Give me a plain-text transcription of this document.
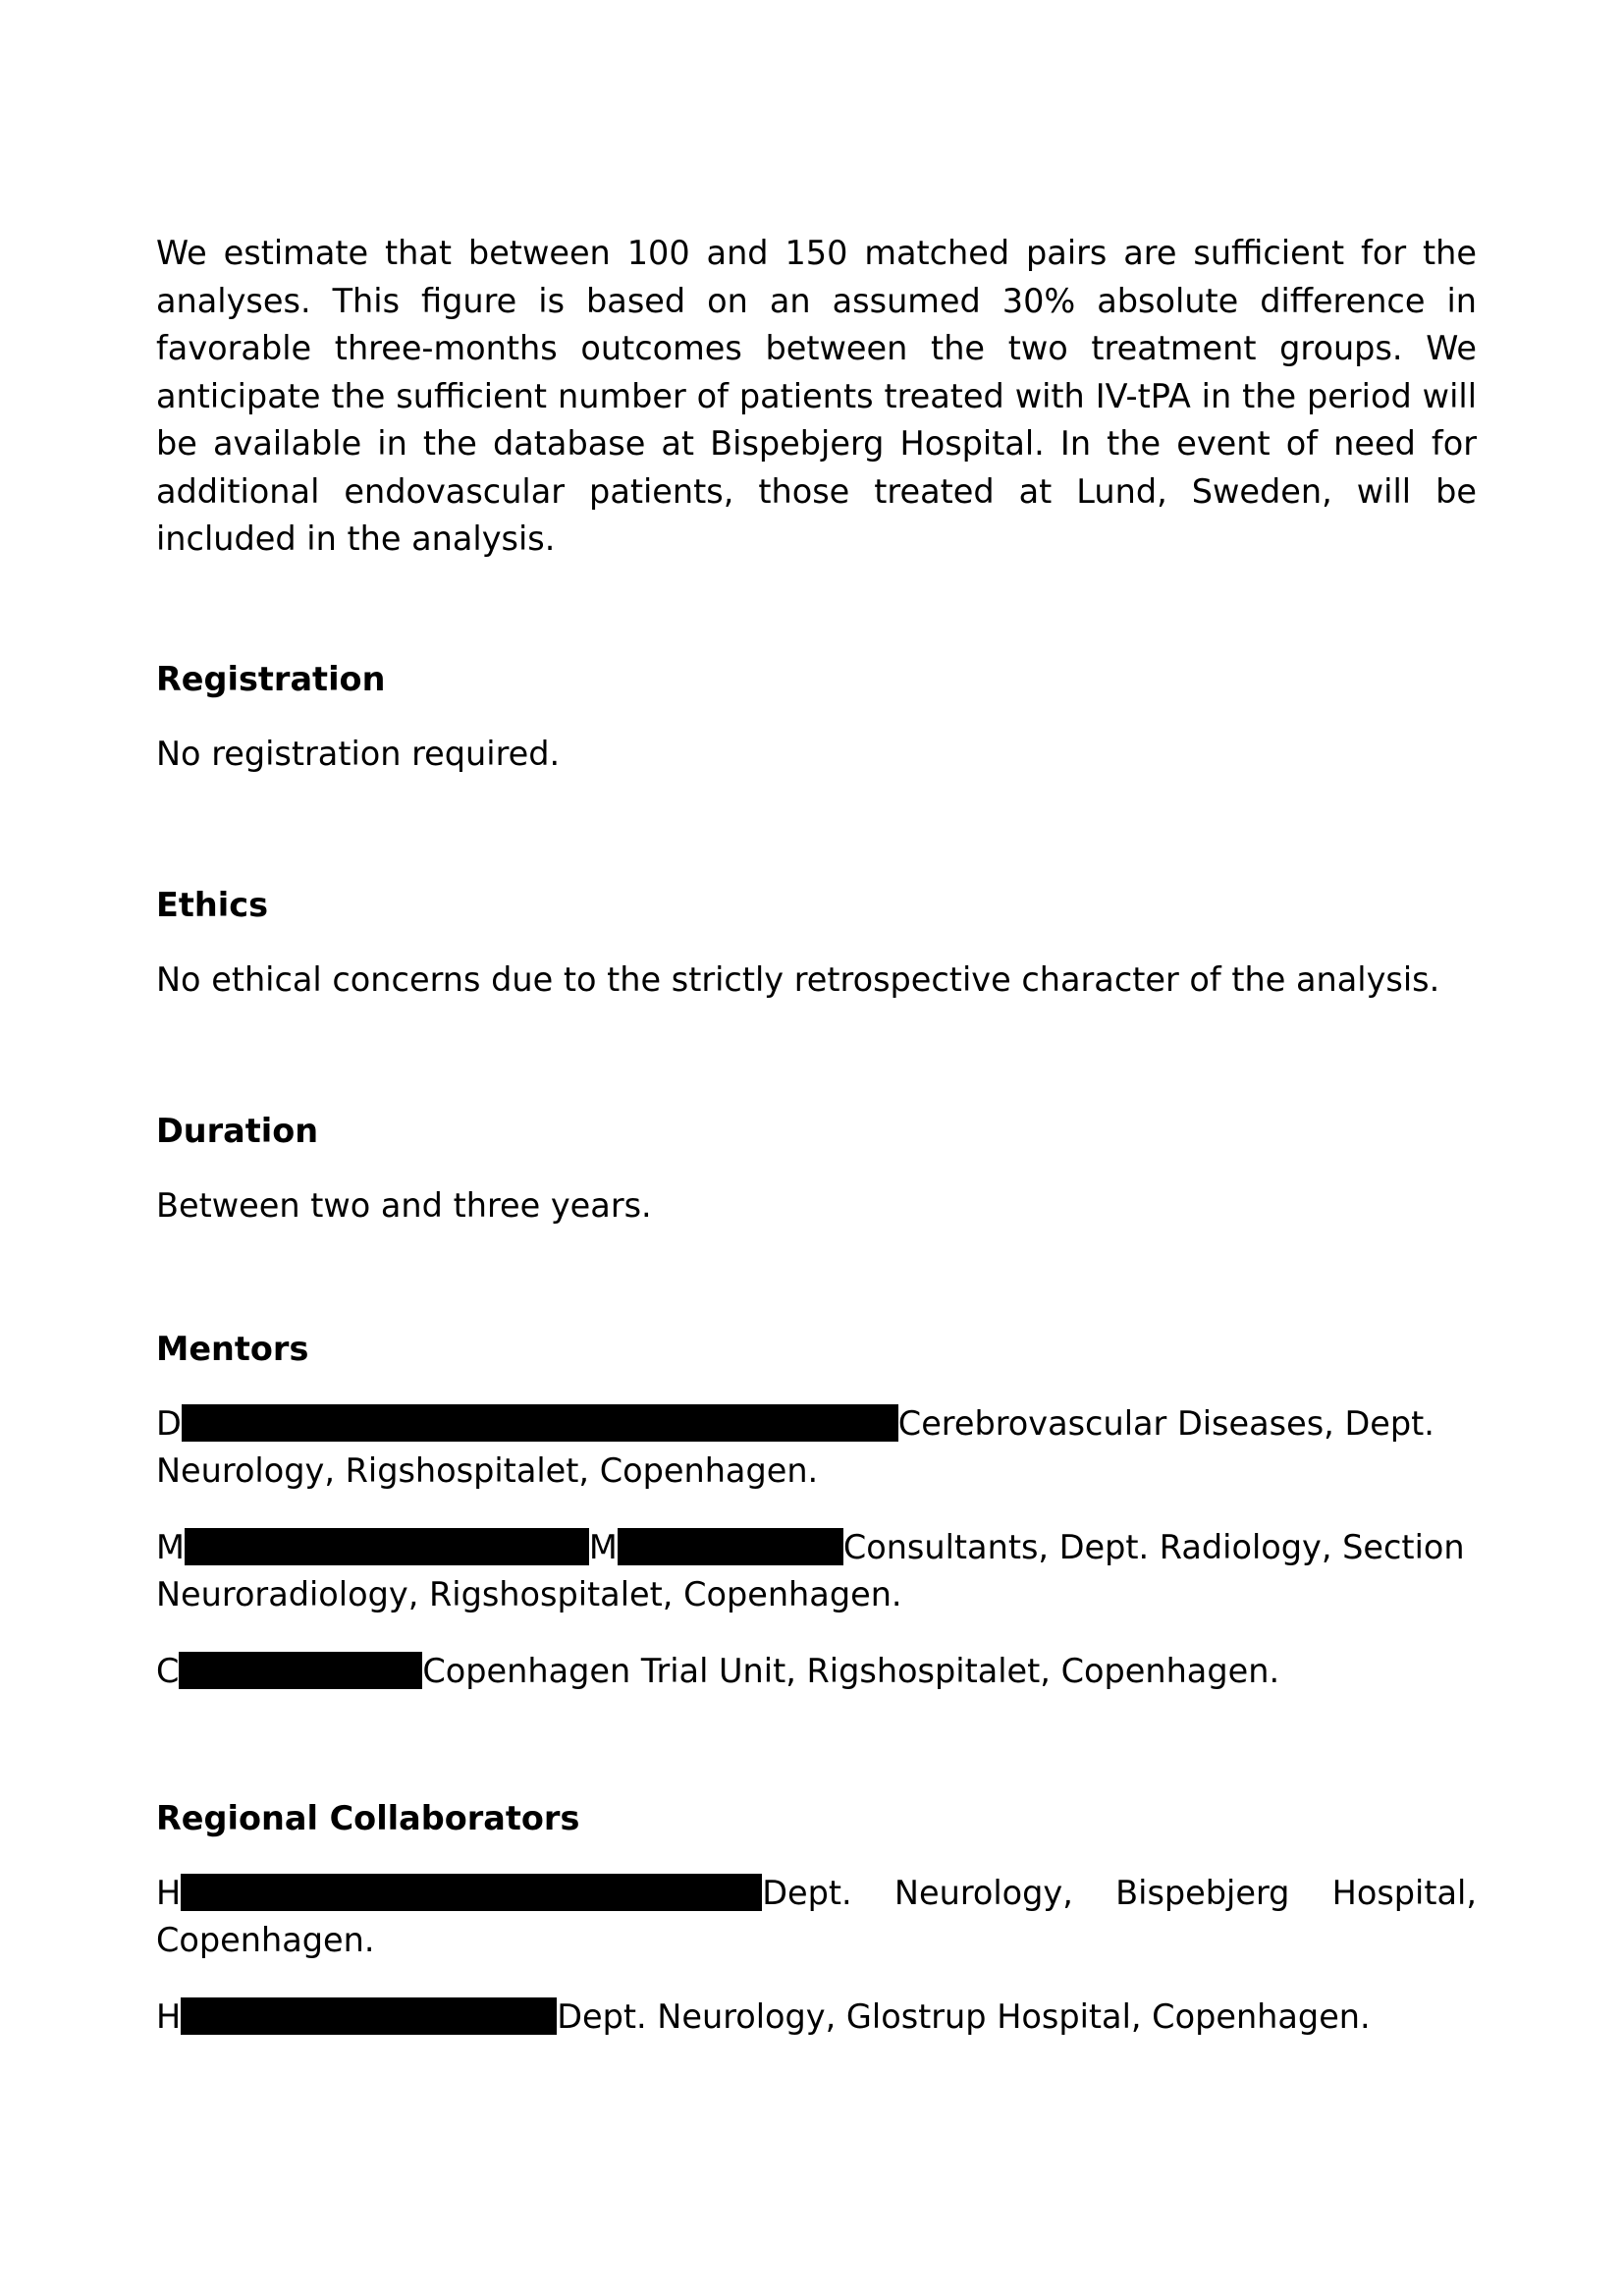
We estimate that between 100 and 150 matched pairs are sufficient for the analyses. This figure is based on an assumed 30% absolute difference in favorable three-months outcomes between the two treatment groups. We anticipate the sufficient number of patients treated with IV-tPA in the period will be available in the database at Bispebjerg Hospital. In the event of need for additional endovascular patients, those treated at Lund, Sweden, will be included in the analysis.

Registration

No registration required.

Ethics

No ethical concerns due to the strictly retrospective character of the analysis.

Duration

Between two and three years.

Mentors

D	Cerebrovascular Diseases, Dept.

Neurology, Rigshospitalet, Copenhagen.

M	M	Consultants, Dept. Radiology, Section

Neuroradiology, Rigshospitalet, Copenhagen.

C	Copenhagen Trial Unit, Rigshospitalet, Copenhagen.

Regional Collaborators
H	Dept. Neurology, Bispebjerg Hospital,

Copenhagen.

H	Dept. Neurology, Glostrup Hospital, Copenhagen.
